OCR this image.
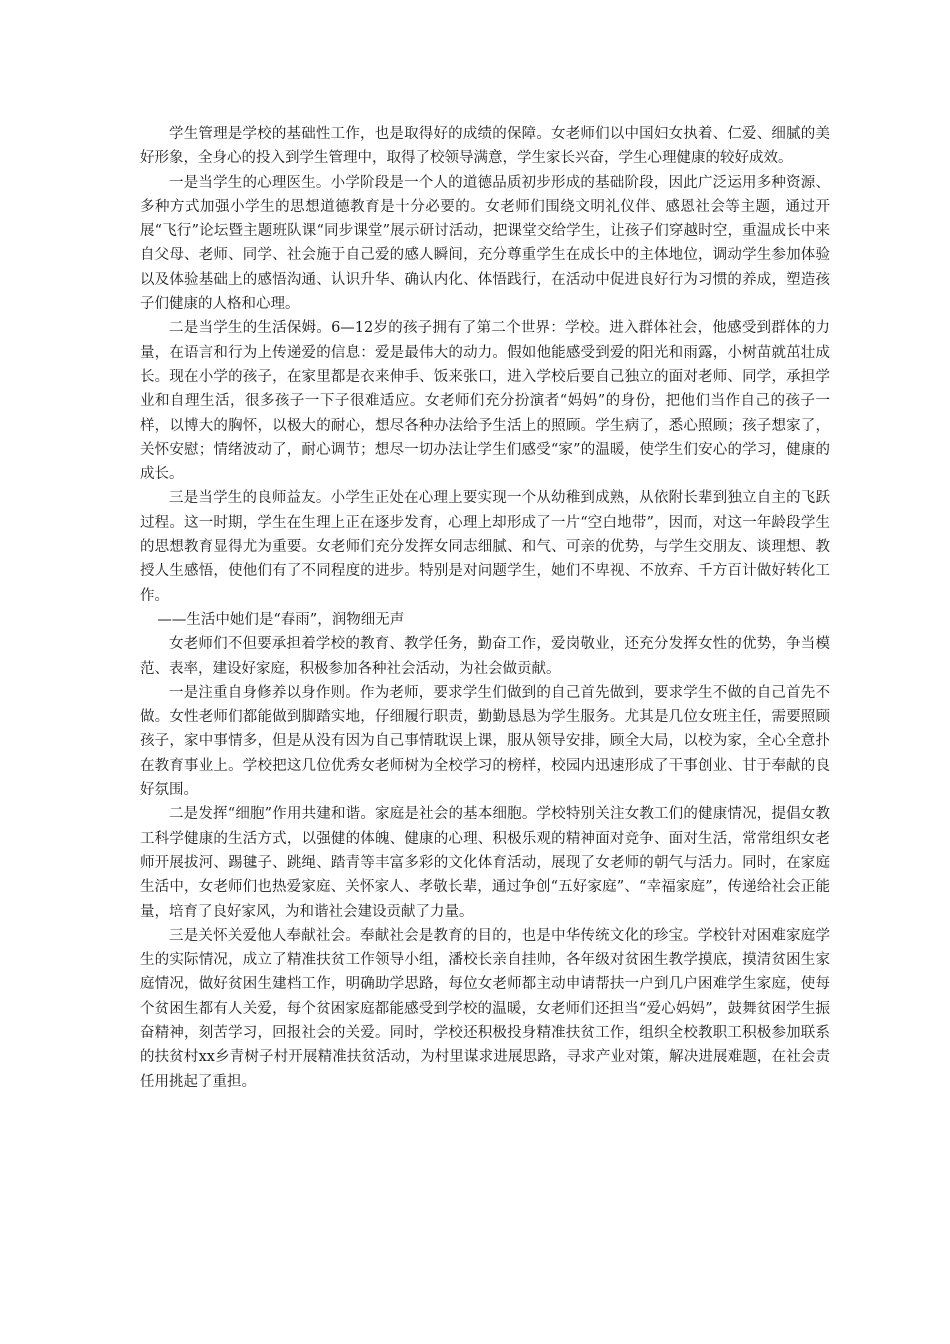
学生管理是学校的基础性工作，也是取得好的成绩的保障。女老师们以中国妇女执着、仁爱、细腻的美好形象，全身心的投入到学生管理中，取得了校领导满意，学生家长兴奋，学生心理健康的较好成效。

一是当学生的心理医生。小学阶段是一个人的道德品质初步形成的基础阶段，因此广泛运用多种资源、多种方式加强小学生的思想道德教育是十分必要的。女老师们围绕文明礼仪伴、感恩社会等主题，通过开展“飞行”论坛暨主题班队课“同步课堂”展示研讨活动，把课堂交给学生，让孩子们穿越时空，重温成长中来自父母、老师、同学、社会施于自己爱的感人瞬间，充分尊重学生在成长中的主体地位，调动学生参加体验以及体验基础上的感悟沟通、认识升华、确认内化、体悟践行，在活动中促进良好行为习惯的养成，塑造孩子们健康的人格和心理。

二是当学生的生活保姆。6—12岁的孩子拥有了第二个世界：学校。进入群体社会，他感受到群体的力量，在语言和行为上传递爱的信息：爱是最伟大的动力。假如他能感受到爱的阳光和雨露，小树苗就茁壮成长。现在小学的孩子，在家里都是衣来伸手、饭来张口，进入学校后要自己独立的面对老师、同学，承担学业和自理生活，很多孩子一下子很难适应。女老师们充分扮演者“妈妈”的身份，把他们当作自己的孩子一样，以博大的胸怀，以极大的耐心，想尽各种办法给予生活上的照顾。学生病了，悉心照顾；孩子想家了，关怀安慰；情绪波动了，耐心调节；想尽一切办法让学生们感受“家”的温暖，使学生们安心的学习，健康的成长。

三是当学生的良师益友。小学生正处在心理上要实现一个从幼稚到成熟，从依附长辈到独立自主的飞跃过程。这一时期，学生在生理上正在逐步发育，心理上却形成了一片“空白地带”，因而，对这一年龄段学生的思想教育显得尤为重要。女老师们充分发挥女同志细腻、和气、可亲的优势，与学生交朋友、谈理想、教授人生感悟，使他们有了不同程度的进步。特别是对问题学生，她们不卑视、不放弃、千方百计做好转化工作。

——生活中她们是“春雨”，润物细无声

女老师们不但要承担着学校的教育、教学任务，勤奋工作，爱岗敬业，还充分发挥女性的优势，争当模范、表率，建设好家庭，积极参加各种社会活动，为社会做贡献。

一是注重自身修养以身作则。作为老师，要求学生们做到的自己首先做到，要求学生不做的自己首先不做。女性老师们都能做到脚踏实地，仔细履行职责，勤勤恳恳为学生服务。尤其是几位女班主任，需要照顾孩子，家中事情多，但是从没有因为自己事情耽误上课，服从领导安排，顾全大局，以校为家，全心全意扑在教育事业上。学校把这几位优秀女老师树为全校学习的榜样，校园内迅速形成了干事创业、甘于奉献的良好氛围。

二是发挥“细胞”作用共建和谐。家庭是社会的基本细胞。学校特别关注女教工们的健康情况，提倡女教工科学健康的生活方式，以强健的体魄、健康的心理、积极乐观的精神面对竞争、面对生活，常常组织女老师开展拔河、踢毽子、跳绳、踏青等丰富多彩的文化体育活动，展现了女老师的朝气与活力。同时，在家庭生活中，女老师们也热爱家庭、关怀家人、孝敬长辈，通过争创“五好家庭”、“幸福家庭”，传递给社会正能量，培育了良好家风，为和谐社会建设贡献了力量。

三是关怀关爱他人奉献社会。奉献社会是教育的目的，也是中华传统文化的珍宝。学校针对困难家庭学生的实际情况，成立了精准扶贫工作领导小组，潘校长亲自挂帅，各年级对贫困生教学摸底，摸清贫困生家庭情况，做好贫困生建档工作，明确助学思路，每位女老师都主动申请帮扶一户到几户困难学生家庭，使每个贫困生都有人关爱，每个贫困家庭都能感受到学校的温暖，女老师们还担当“爱心妈妈”，鼓舞贫困学生振奋精神，刻苦学习，回报社会的关爱。同时，学校还积极投身精准扶贫工作，组织全校教职工积极参加联系的扶贫村xx乡青树子村开展精准扶贫活动，为村里谋求进展思路，寻求产业对策，解决进展难题，在社会责任用挑起了重担。
